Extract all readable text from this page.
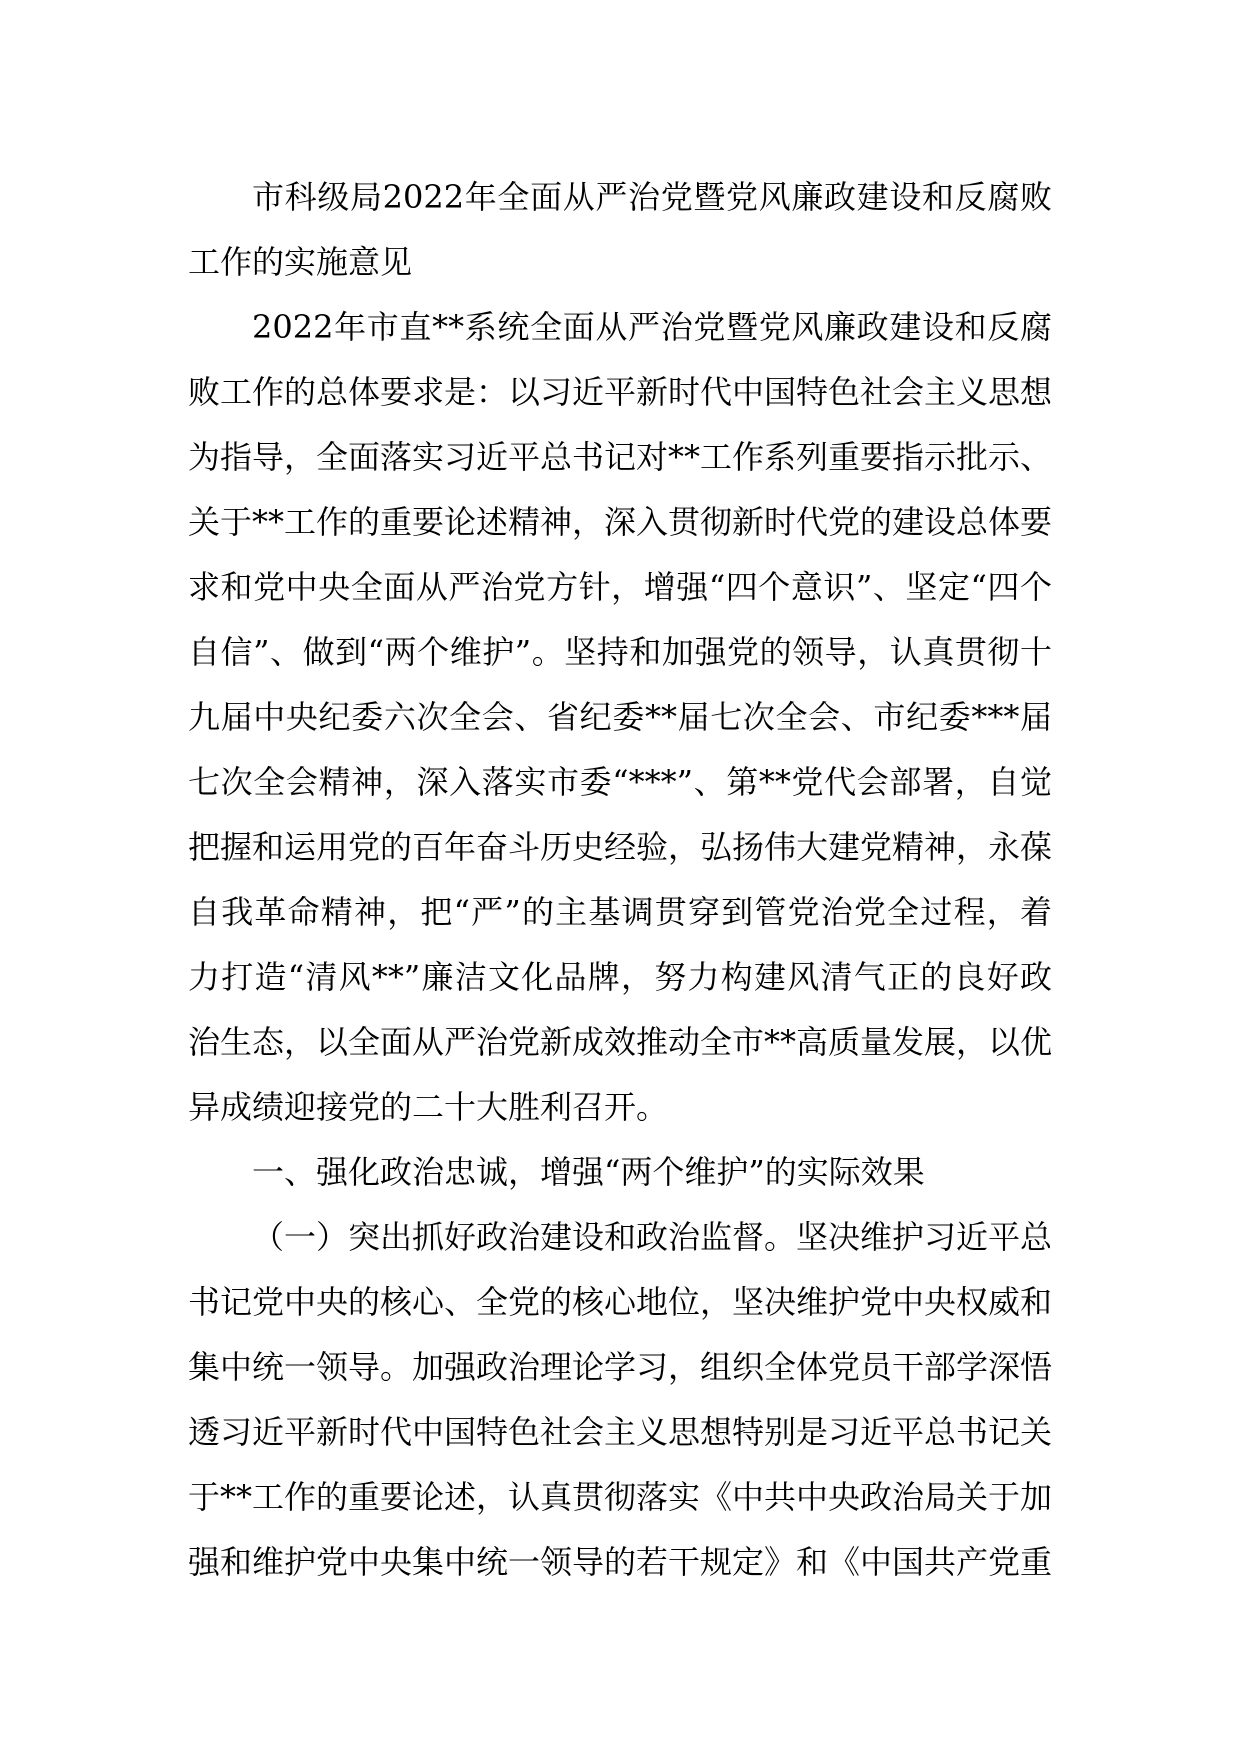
市科级局2022年全面从严治党暨党风廉政建设和反腐败工作的实施意见

2022年市直**系统全面从严治党暨党风廉政建设和反腐败工作的总体要求是：以习近平新时代中国特色社会主义思想为指导，全面落实习近平总书记对**工作系列重要指示批示、关于**工作的重要论述精神，深入贯彻新时代党的建设总体要求和党中央全面从严治党方针，增强“四个意识”、坚定“四个自信”、做到“两个维护”。坚持和加强党的领导，认真贯彻十九届中央纪委六次全会、省纪委**届七次全会、市纪委***届七次全会精神，深入落实市委“***”、第**党代会部署，自觉把握和运用党的百年奋斗历史经验，弘扬伟大建党精神，永葆自我革命精神，把“严”的主基调贯穿到管党治党全过程，着力打造“清风**”廉洁文化品牌，努力构建风清气正的良好政治生态，以全面从严治党新成效推动全市**高质量发展，以优异成绩迎接党的二十大胜利召开。

一、强化政治忠诚，增强“两个维护”的实际效果

（一）突出抓好政治建设和政治监督。坚决维护习近平总书记党中央的核心、全党的核心地位，坚决维护党中央权威和集中统一领导。加强政治理论学习，组织全体党员干部学深悟透习近平新时代中国特色社会主义思想特别是习近平总书记关于**工作的重要论述，认真贯彻落实《中共中央政治局关于加强和维护党中央集中统一领导的若干规定》和《中国共产党重
